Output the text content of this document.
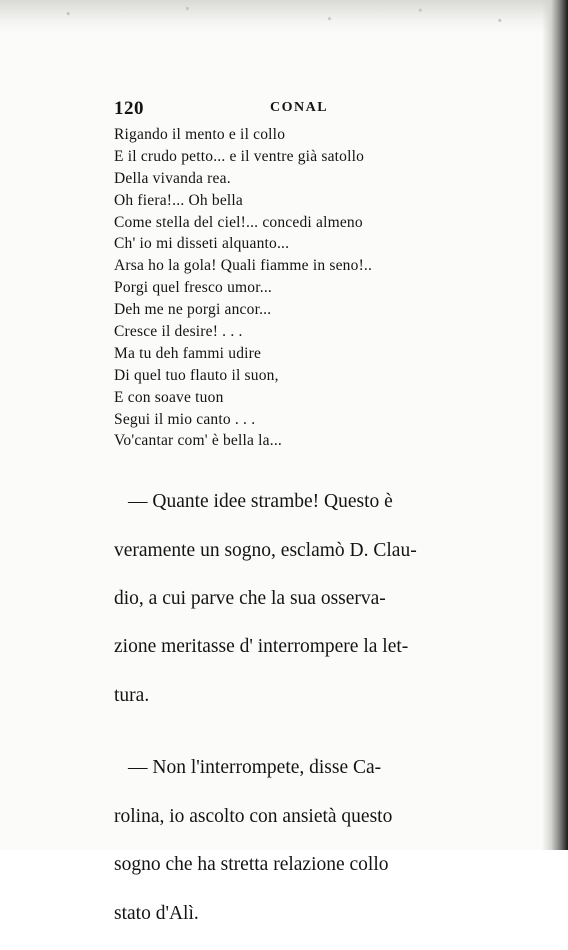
120	CONAL
Rigando il mento e il collo
E il crudo petto... e il ventre già satollo
Della vivanda rea.
Oh fiera!... Oh bella
Come stella del ciel!... concedi almeno
Ch' io mi disseti alquanto...
Arsa ho la gola! Quali fiamme in seno!..
Porgi quel fresco umor...
Deh me ne porgi ancor...
Cresce il desire! . . .
Ma tu deh fammi udire
Di quel tuo flauto il suon,
E con soave tuon
Segui il mio canto . . .
Vo'cantar com' è bella la...

— Quante idee strambe! Questo è

veramente un sogno, esclamò D. Clau-

dio, a cui parve che la sua osserva-

zione meritasse d' interrompere la let-

tura.

— Non l'interrompete, disse Ca-

rolina, io ascolto con ansietà questo

sogno che ha stretta relazione collo

stato d'Alì.
